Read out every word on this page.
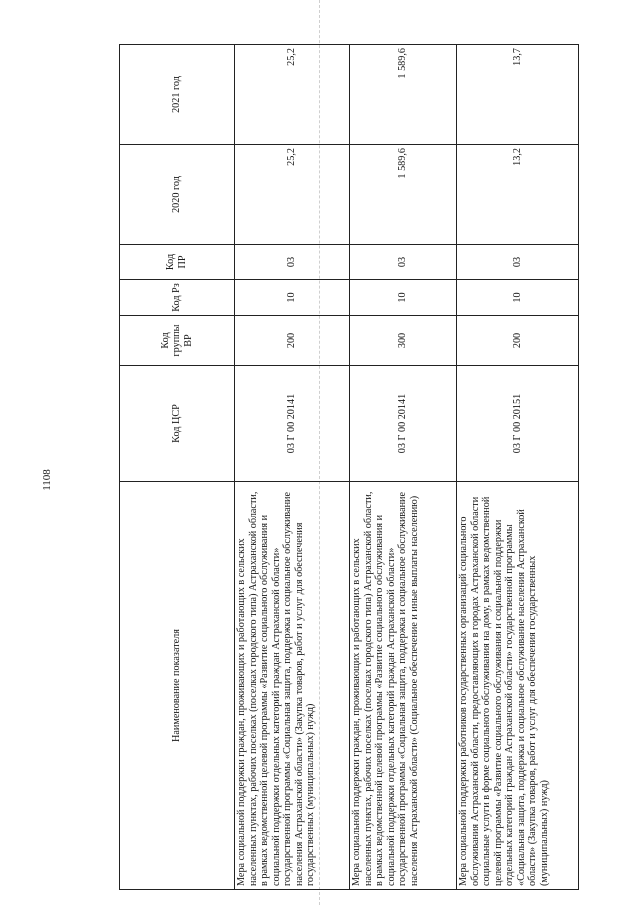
1108
Наименование показателя	Код ЦСР	Код группы ВР	Код Рз	Код ПР	2020 год	2021 год
Мера социальной поддержки граждан, проживающих и работающих в сельских населенных пунктах, рабочих поселках (поселках городского типа) Астраханской области, в рамках ведомственной целевой программы «Развитие социального обслуживания и социальной поддержки отдельных категорий граждан Астраханской области» государственной программы «Социальная защита, поддержка и социальное обслуживание населения Астраханской области» (Закупка товаров, работ и услуг для обеспечения государственных (муниципальных) нужд)	03 Г 00 20141	200	10	03	25,2	25,2
Мера социальной поддержки граждан, проживающих и работающих в сельских населенных пунктах, рабочих поселках (поселках городского типа) Астраханской области, в рамках ведомственной целевой программы «Развитие социального обслуживания и социальной поддержки отдельных категорий граждан Астраханской области» государственной программы «Социальная защита, поддержка и социальное обслуживание населения Астраханской области» (Социальное обеспечение и иные выплаты населению)	03 Г 00 20141	300	10	03	1 589,6	1 589,6
Мера социальной поддержки работников государственных организаций социального обслуживания Астраханской области, предоставляющих в городах Астраханской области социальные услуги в форме социального обслуживания на дому, в рамках ведомственной целевой программы «Развитие социального обслуживания и социальной поддержки отдельных категорий граждан Астраханской области» государственной программы «Социальная защита, поддержка и социальное обслуживание населения Астраханской области» (Закупка товаров, работ и услуг для обеспечения государственных (муниципальных) нужд)	03 Г 00 20151	200	10	03	13,2	13,7
